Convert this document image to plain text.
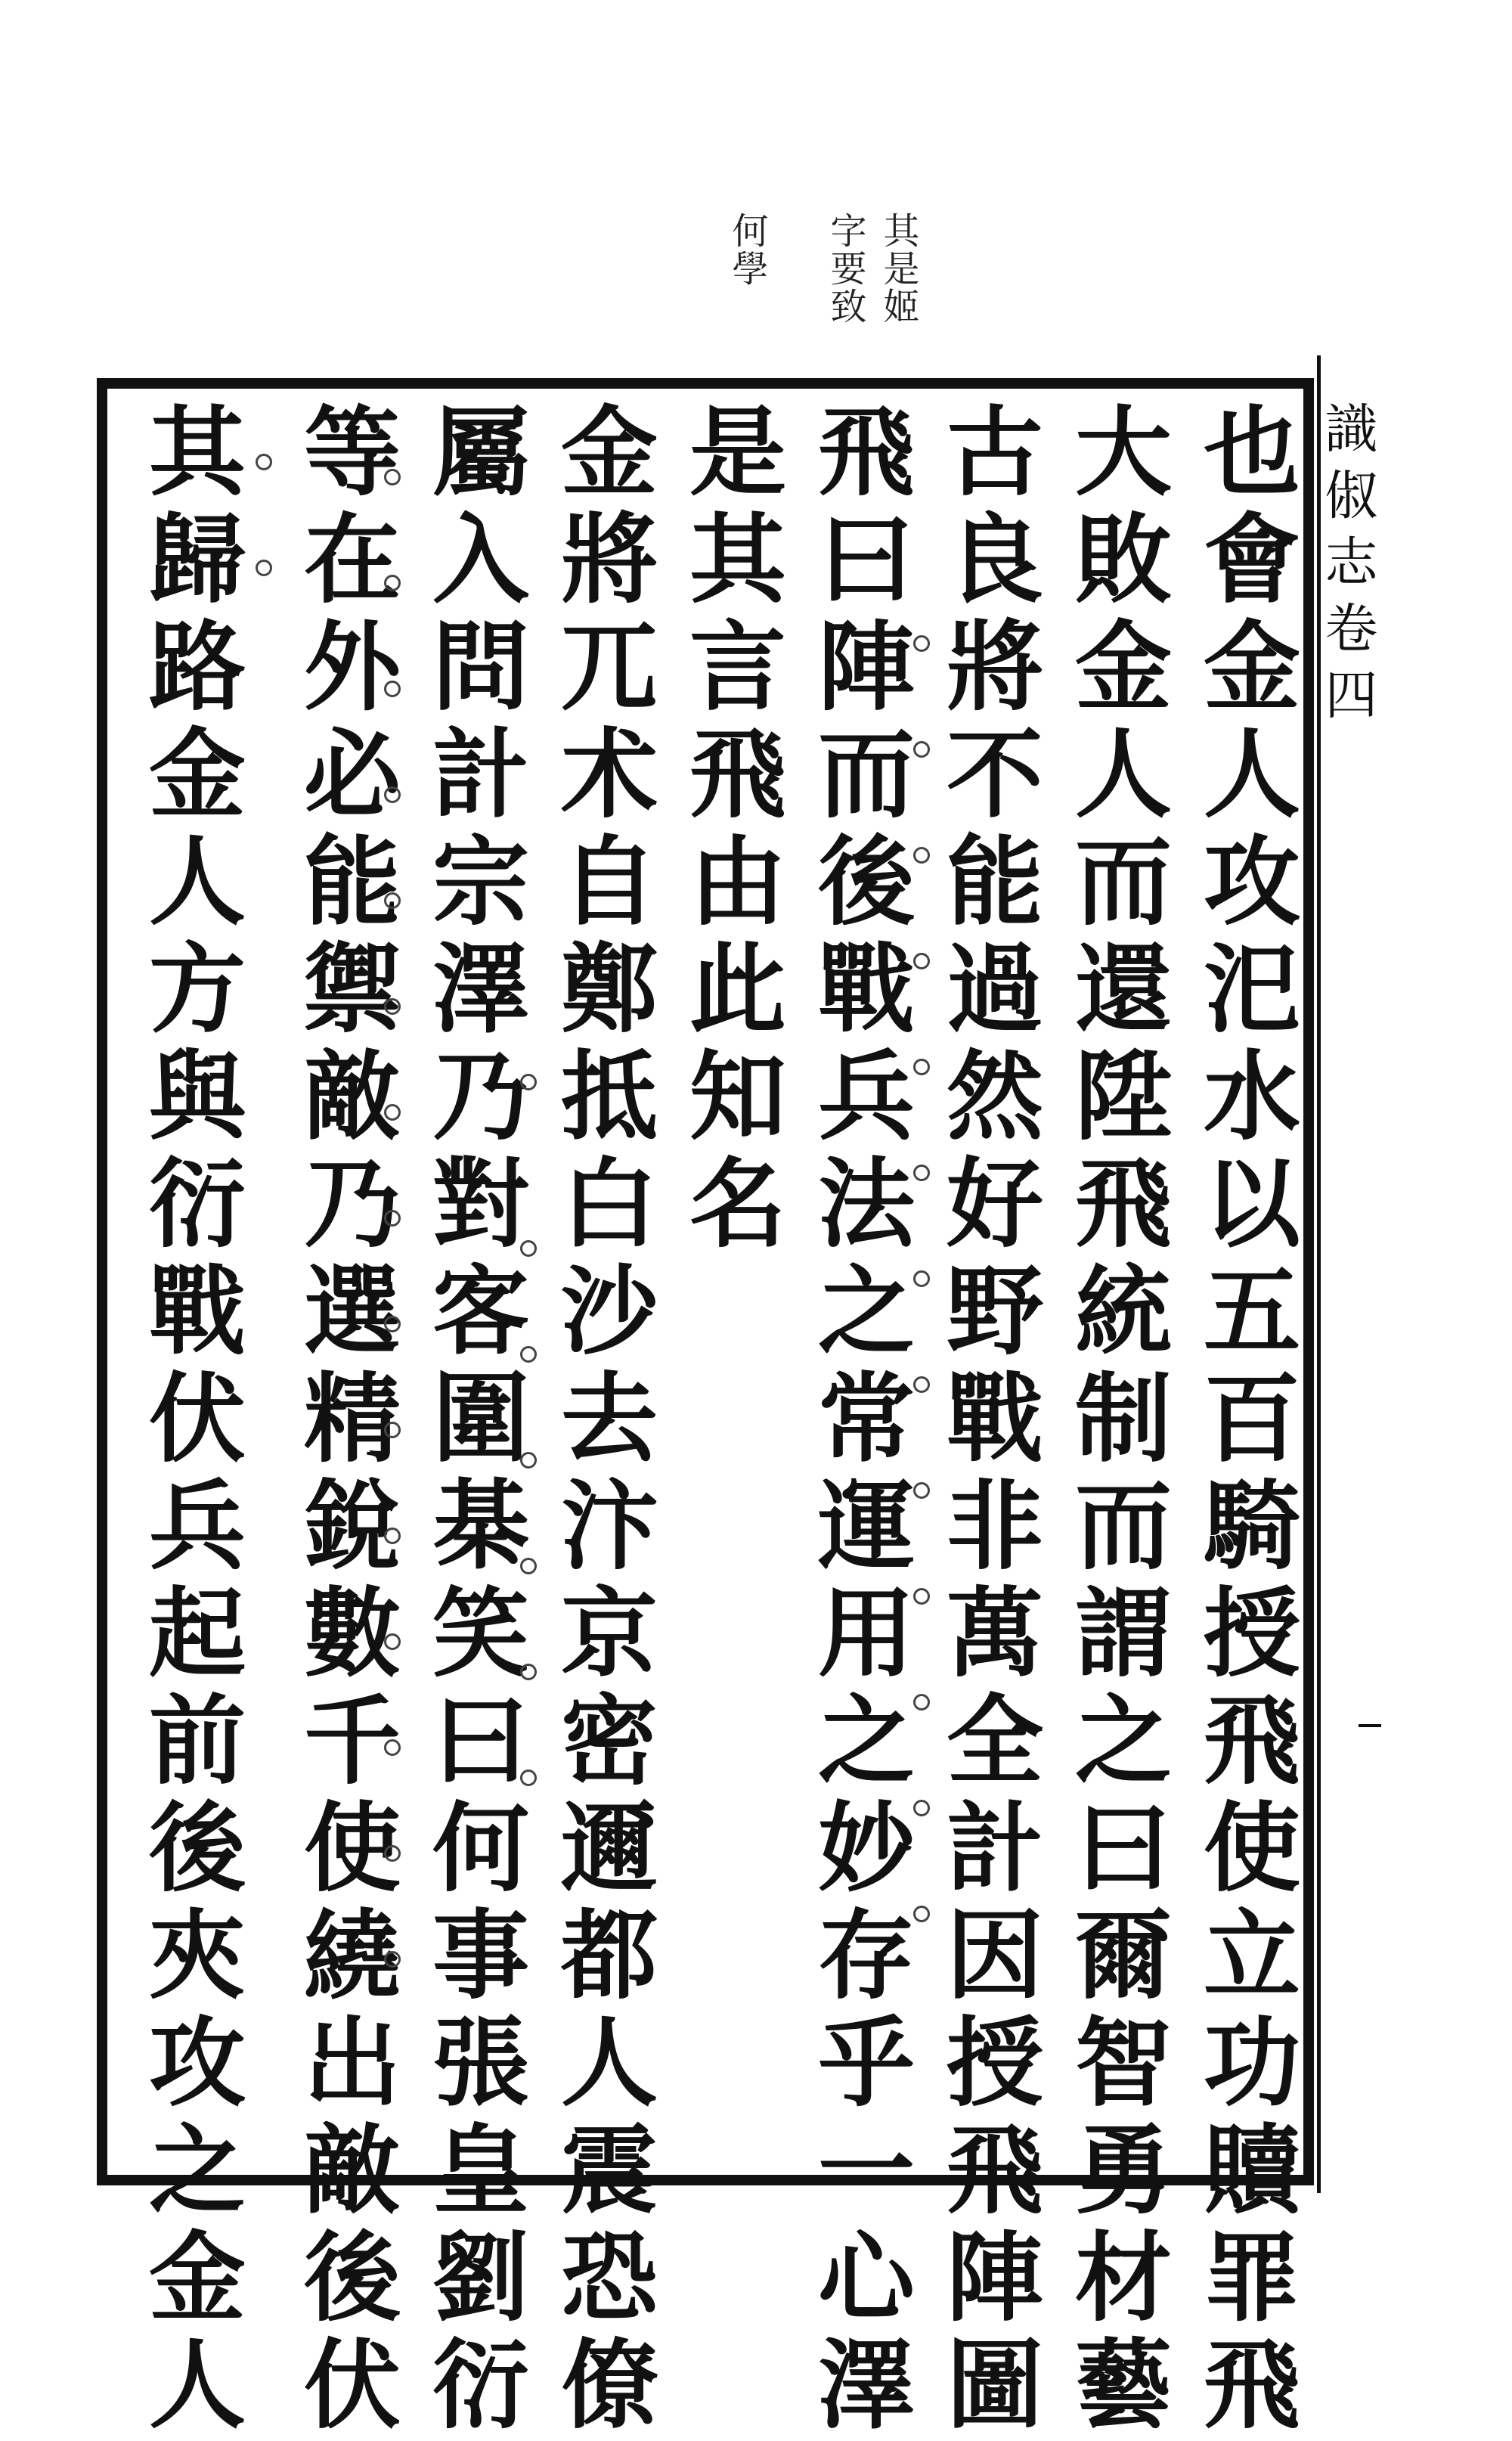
其是姬
字要致
何學
識俶志卷四
也會金人攻汜水以五百騎授飛使立功贖罪飛
大敗金人而還陞飛統制而謂之曰爾智勇材藝
古良將不能過然好野戰非萬全計因授飛陣圖
飛曰陣而後戰兵法之常運用之妙存乎一心澤
是其言飛由此知名
金將兀术自鄭抵白沙去汴京密邇都人震恐僚
屬入問計宗澤乃對客圍棊笑曰何事張皇劉衍
等在外必能禦敵乃選精銳數千使繞出敵後伏
其歸路金人方與衍戰伏兵起前後夾攻之金人
